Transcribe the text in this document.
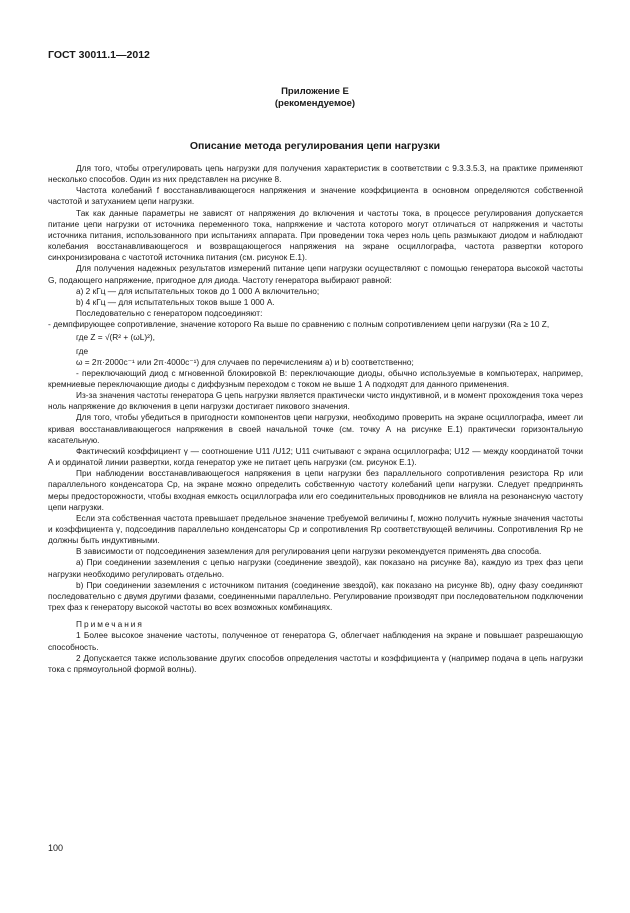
ГОСТ 30011.1—2012
Приложение Е
(рекомендуемое)
Описание метода регулирования цепи нагрузки

Для того, чтобы отрегулировать цепь нагрузки для получения характеристик в соответствии с 9.3.3.5.3, на практике применяют несколько способов. Один из них представлен на рисунке 8.

Частота колебаний f восстанавливающегося напряжения и значение коэффициента в основном определяются собственной частотой и затуханием цепи нагрузки.

Так как данные параметры не зависят от напряжения до включения и частоты тока, в процессе регулирования допускается питание цепи нагрузки от источника переменного тока, напряжение и частота которого могут отличаться от напряжения и частоты источника питания, использованного при испытаниях аппарата. При проведении тока через ноль цепь размыкают диодом и наблюдают колебания восстанавливающегося и возвращающегося напряжения на экране осциллографа, частота развертки которого синхронизирована с частотой источника питания (см. рисунок Е.1).

Для получения надежных результатов измерений питание цепи нагрузки осуществляют с помощью генератора высокой частоты G, подающего напряжение, пригодное для диода. Частоту генератора выбирают равной:

а) 2 кГц — для испытательных токов до 1 000 А включительно;

b) 4 кГц — для испытательных токов выше 1 000 А.

Последовательно с генератором подсоединяют:

- демпфирующее сопротивление, значение которого Ra выше по сравнению с полным сопротивлением цепи нагрузки (Ra ≥ 10 Z,

где Z = √(R² + (ωL)²),

где

ω = 2π·2000c⁻¹ или 2π·4000c⁻¹) для случаев по перечислениям а) и b) соответственно;

- переключающий диод с мгновенной блокировкой В: переключающие диоды, обычно используемые в компьютерах, например, кремниевые переключающие диоды с диффузным переходом с током не выше 1 А подходят для данного применения.

Из-за значения частоты генератора G цепь нагрузки является практически чисто индуктивной, и в момент прохождения тока через ноль напряжение до включения в цепи нагрузки достигает пикового значения.

Для того, чтобы убедиться в пригодности компонентов цепи нагрузки, необходимо проверить на экране осциллографа, имеет ли кривая восстанавливающегося напряжения в своей начальной точке (см. точку А на рисунке Е.1) практически горизонтальную касательную.

Фактический коэффициент γ — соотношение U11 /U12; U11 считывают с экрана осциллографа; U12 — между координатой точки A и ординатой линии развертки, когда генератор уже не питает цепь нагрузки (см. рисунок Е.1).

При наблюдении восстанавливающегося напряжения в цепи нагрузки без параллельного сопротивления резистора Rp или параллельного конденсатора Cp, на экране можно определить собственную частоту колебаний цепи нагрузки. Следует предпринять меры предосторожности, чтобы входная емкость осциллографа или его соединительных проводников не влияла на резонансную частоту цепи нагрузки.

Если эта собственная частота превышает предельное значение требуемой величины f, можно получить нужные значения частоты и коэффициента γ, подсоединив параллельно конденсаторы Cp и сопротивления Rp соответствующей величины. Сопротивления Rp не должны быть индуктивными.

В зависимости от подсоединения заземления для регулирования цепи нагрузки рекомендуется применять два способа.

а) При соединении заземления с цепью нагрузки (соединение звездой), как показано на рисунке 8а), каждую из трех фаз цепи нагрузки необходимо регулировать отдельно.

b) При соединении заземления с источником питания (соединение звездой), как показано на рисунке 8b), одну фазу соединяют последовательно с двумя другими фазами, соединенными параллельно. Регулирование производят при последовательном подключении трех фаз к генератору высокой частоты во всех возможных комбинациях.

Примечания

1 Более высокое значение частоты, полученное от генератора G, облегчает наблюдения на экране и повышает разрешающую способность.

2 Допускается также использование других способов определения частоты и коэффициента γ (например подача в цепь нагрузки тока с прямоугольной формой волны).

100
